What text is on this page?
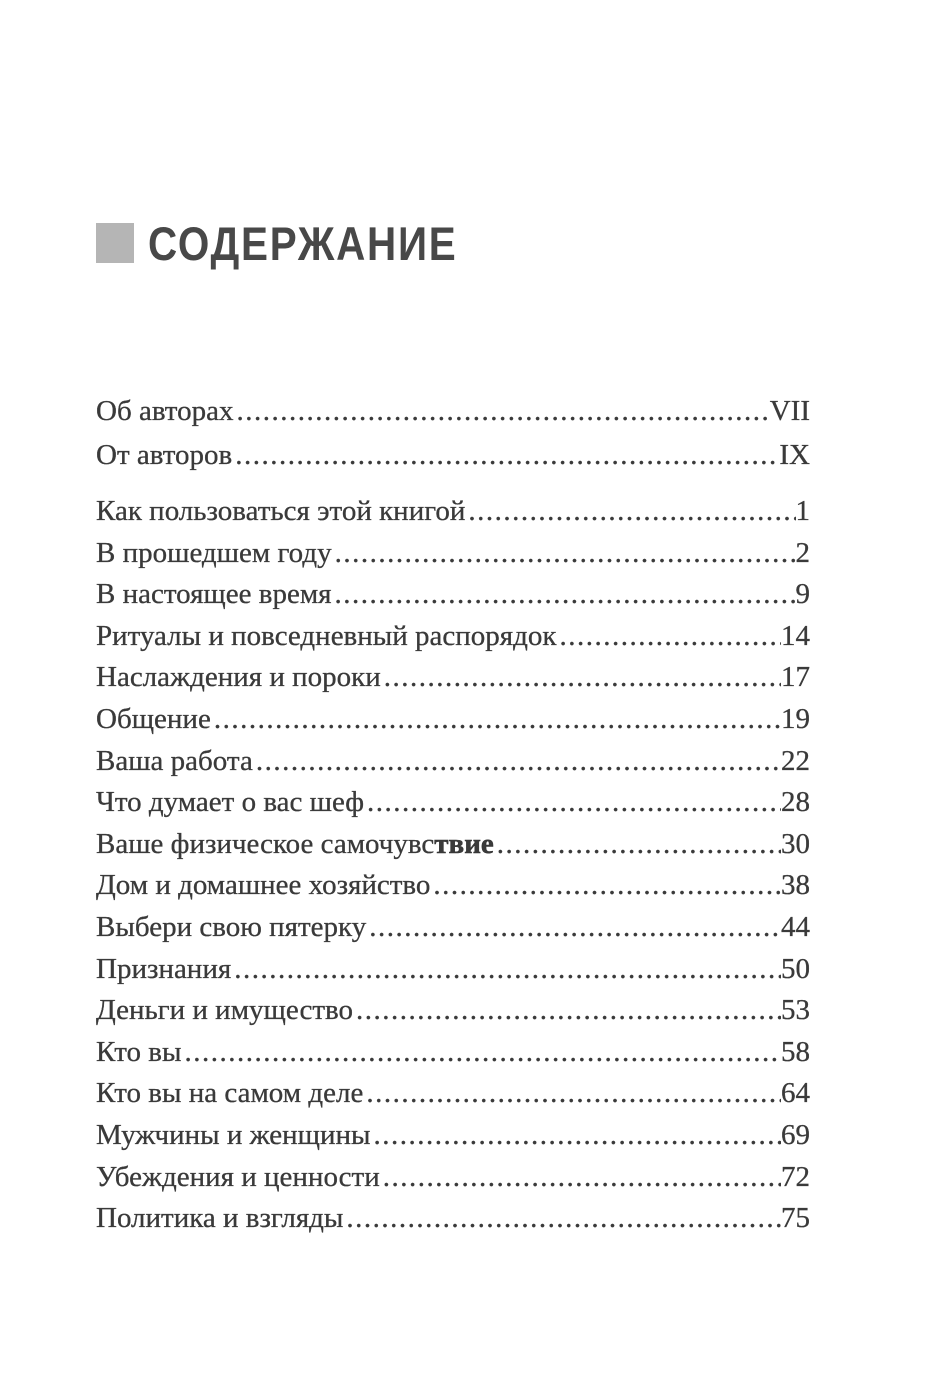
СОДЕРЖАНИЕ
Об авторах .....	VII
От авторов .....	IX
Как пользоваться этой книгой .....	1
В прошедшем году .....	2
В настоящее время .....	9
Ритуалы и повседневный распорядок .....	14
Наслаждения и пороки .....	17
Общение .....	19
Ваша работа .....	22
Что думает о вас шеф .....	28
Ваше физическое самочувствие .....	30
Дом и домашнее хозяйство .....	38
Выбери свою пятерку .....	44
Признания .....	50
Деньги и имущество .....	53
Кто вы .....	58
Кто вы на самом деле .....	64
Мужчины и женщины .....	69
Убеждения и ценности .....	72
Политика и взгляды .....	75
